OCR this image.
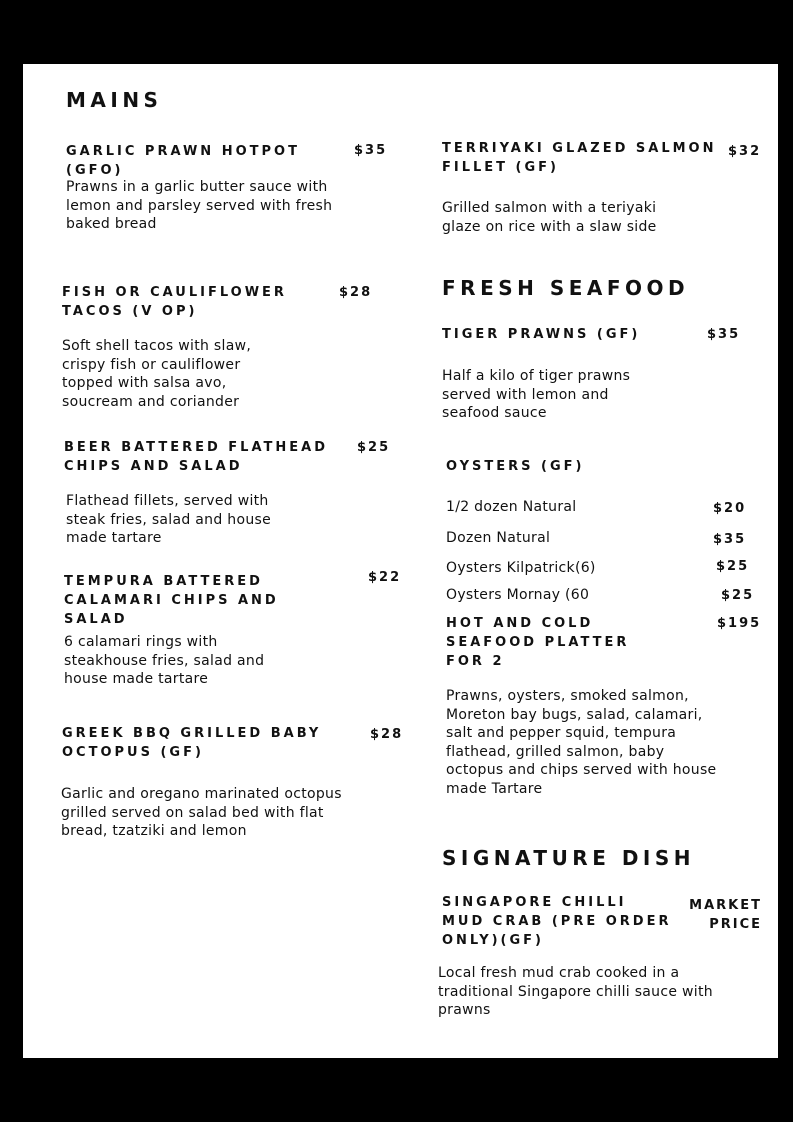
MAINS
GARLIC PRAWN HOTPOT (GFO)
$35
Prawns in a garlic butter sauce with lemon and parsley served with fresh baked bread
FISH OR CAULIFLOWER TACOS (V OP)
$28
Soft shell tacos with slaw, crispy fish or cauliflower topped with salsa avo, soucream and coriander
BEER BATTERED FLATHEAD CHIPS AND SALAD
$25
Flathead fillets, served with steak fries, salad and house made tartare
TEMPURA BATTERED CALAMARI CHIPS AND SALAD
$22
6 calamari rings with steakhouse fries, salad and house made tartare
GREEK BBQ GRILLED BABY OCTOPUS (GF)
$28
Garlic and oregano marinated octopus grilled served on salad bed with flat bread, tzatziki and lemon
TERRIYAKI GLAZED SALMON FILLET (GF)
$32
Grilled salmon with a teriyaki glaze on rice with a slaw side
FRESH SEAFOOD
TIGER PRAWNS (GF)	$35
Half a kilo of tiger prawns served with lemon and seafood sauce
OYSTERS (GF)
1/2 dozen Natural	$20
Dozen Natural	$35
Oysters Kilpatrick(6)	$25
Oysters Mornay (60	$25
HOT AND COLD SEAFOOD PLATTER FOR 2
$195
Prawns, oysters, smoked salmon, Moreton bay bugs, salad, calamari, salt and pepper squid, tempura flathead, grilled salmon, baby octopus and chips served with house made Tartare
SIGNATURE DISH
SINGAPORE CHILLI MUD CRAB (PRE ORDER ONLY)(GF)
MARKET PRICE
Local fresh mud crab cooked in a traditional Singapore chilli sauce with prawns
